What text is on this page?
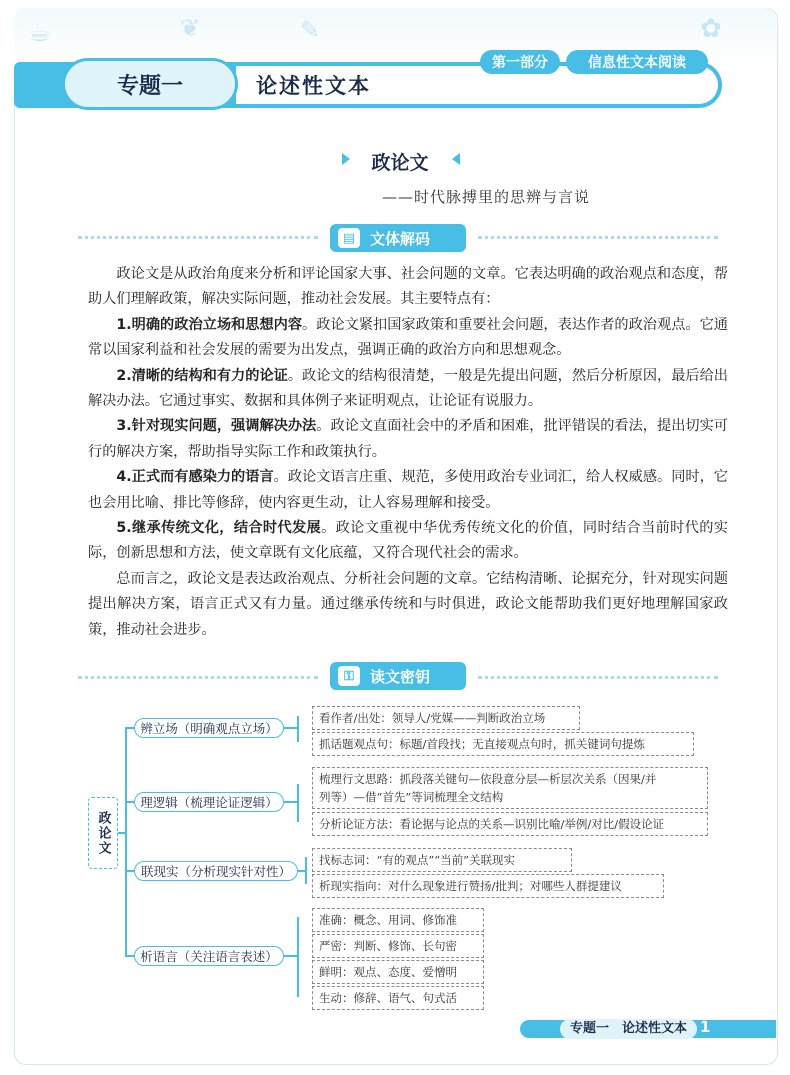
☕	❦	✎	✿
专题一	论述性文本
第一部分	信息性文本阅读
政论文
——时代脉搏里的思辨与言说
▤ 文体解码

政论文是从政治角度来分析和评论国家大事、社会问题的文章。它表达明确的政治观点和态度，帮助人们理解政策，解决实际问题，推动社会发展。其主要特点有：

1.明确的政治立场和思想内容。政论文紧扣国家政策和重要社会问题，表达作者的政治观点。它通常以国家利益和社会发展的需要为出发点，强调正确的政治方向和思想观念。

2.清晰的结构和有力的论证。政论文的结构很清楚，一般是先提出问题，然后分析原因，最后给出解决办法。它通过事实、数据和具体例子来证明观点，让论证有说服力。

3.针对现实问题，强调解决办法。政论文直面社会中的矛盾和困难，批评错误的看法，提出切实可行的解决方案，帮助指导实际工作和政策执行。

4.正式而有感染力的语言。政论文语言庄重、规范，多使用政治专业词汇，给人权威感。同时，它也会用比喻、排比等修辞，使内容更生动，让人容易理解和接受。

5.继承传统文化，结合时代发展。政论文重视中华优秀传统文化的价值，同时结合当前时代的实际，创新思想和方法，使文章既有文化底蕴，又符合现代社会的需求。

总而言之，政论文是表达政治观点、分析社会问题的文章。它结构清晰、论据充分，针对现实问题提出解决方案，语言正式又有力量。通过继承传统和与时俱进，政论文能帮助我们更好地理解国家政策，推动社会进步。

⚿	读文密钥
政论文
辨立场（明确观点立场）
理逻辑（梳理论证逻辑）
联现实（分析现实针对性）
析语言（关注语言表述）
看作者/出处：领导人/党媒——判断政治立场
抓话题观点句：标题/首段找；无直接观点句时，抓关键词句提炼
梳理行文思路：抓段落关键句—依段意分层—析层次关系（因果/并
列等）—借“首先”等词梳理全文结构
分析论证方法：看论据与论点的关系—识别比喻/举例/对比/假设论证
找标志词：“有的观点”“当前”关联现实
析现实指向：对什么现象进行赞扬/批判；对哪些人群提建议
准确：概念、用词、修饰准
严密：判断、修饰、长句密
鲜明：观点、态度、爱憎明
生动：修辞、语气、句式活
专题一　论述性文本 1
